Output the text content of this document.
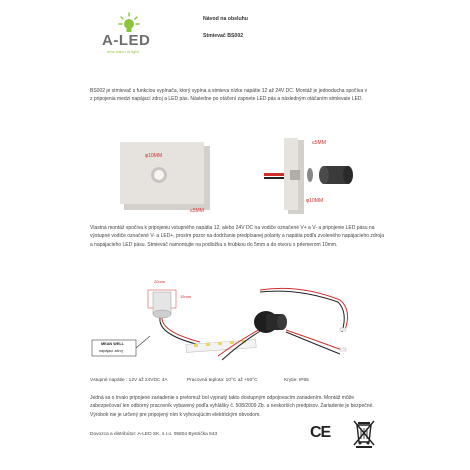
A-LED
new vision of light
Návod na obsluhu
Stmievač BS002
BS002 je stmievač s funkciou vypínača, ktorý vypína a stmieva nízke napätie 12 až 24V DC. Montáž je jednoducha spočíva v z pripojenia medzi napájací zdroj a LED pás. Následne po otáčení zapnete LED pás a následným otáčaním stmievate LED.
φ10MM
≤5MM
≤5MM
φ10MM
Vlastná montáž spočíva k pripojeniu vstupného napätia 12, alebo 24V DC na vodiče označené V+ a V- a pripojenie LED pásu na výstupné vodiče označené V- a LED+, prosím pozor na dodržanie predpísanej polarity a napätia podľa zvoleného napájacieho zdroja a napájacieho LED pásu. Stmievač namontujte na podložku s hrúbkou do 5mm a do otvoru s priemerom 10mm.
20mm
15mm
MEAN WELL
napájací zdroj
Vstupné napätie : 12V až 24VDC 4A	Pracovná teplota: 10°C až +50°C	Krytie: IP65
Jedná sa o trvalo pripojené zariadenie s pretomuž bol vypnutý takto dostupným odpojovacím zariadením. Montáž môže zabezpečovať len odborný pracovník vybavený podľa vyhlášky č. 508/2009 Zb. a neskorších predpisov. Zariadenie je bezpečné. Výrobok nie je určený pre pripojený ním k vyhovujúcim elektrickým obvodom.
Dovozca a distribútor: A-LED SK, s.r.o. 05804 Bystrička 543	CE
